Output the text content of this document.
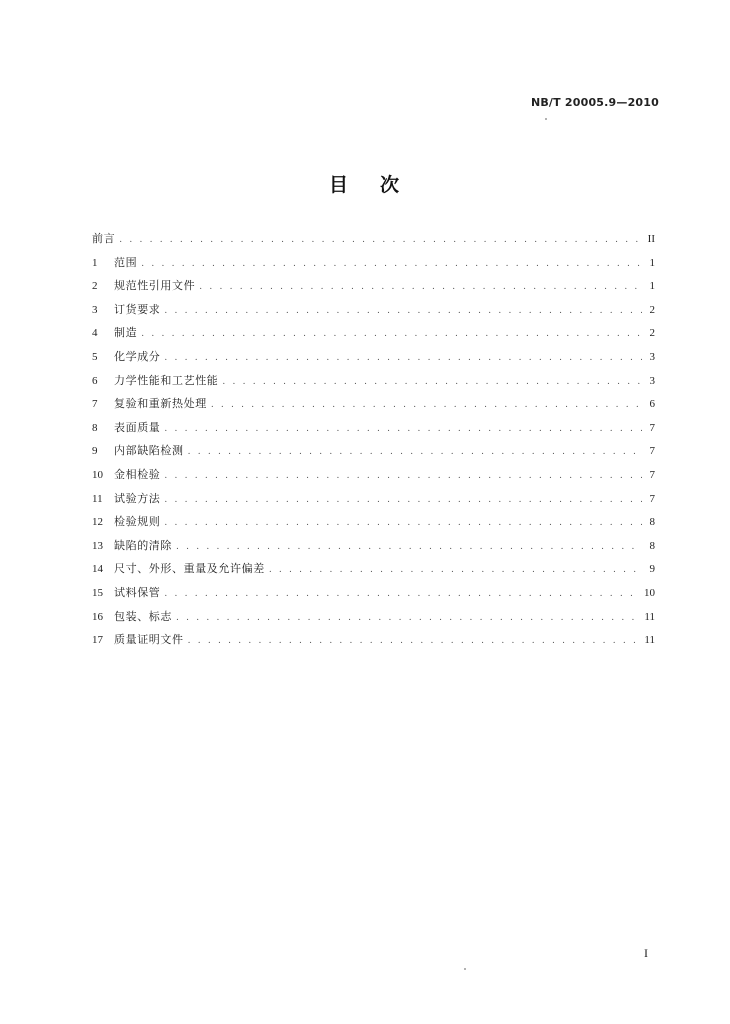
NB/T 20005.9—2010
目 次
前言 . . .	II
1	范围 . . .	1
2	规范性引用文件 . . .	1
3	订货要求 . . .	2
4	制造 . . .	2
5	化学成分 . . .	3
6	力学性能和工艺性能 . . .	3
7	复验和重新热处理 . . .	6
8	表面质量 . . .	7
9	内部缺陷检测 . . .	7
10	金相检验 . . .	7
11	试验方法 . . .	7
12	检验规则 . . .	8
13	缺陷的清除 . . .	8
14	尺寸、外形、重量及允许偏差 . . .	9
15	试料保管 . . .	10
16	包装、标志 . . .	11
17	质量证明文件 . . .	11
I
